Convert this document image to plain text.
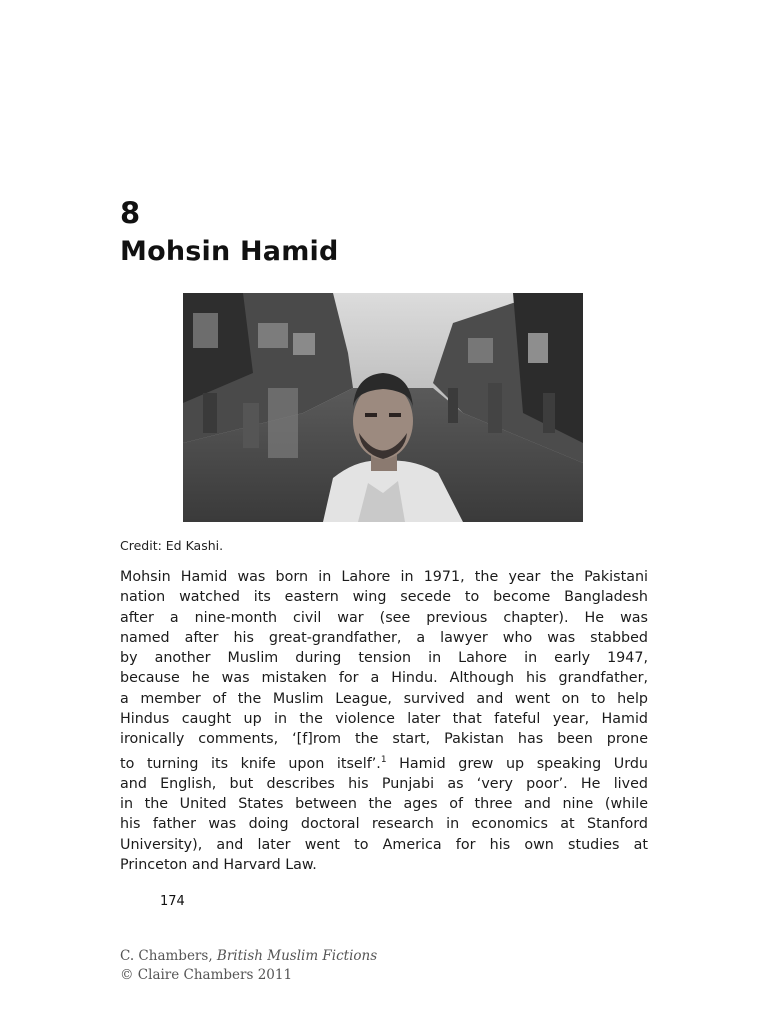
8
Mohsin Hamid
Credit: Ed Kashi.
Mohsin Hamid was born in Lahore in 1971, the year the Pakistani
nation watched its eastern wing secede to become Bangladesh
after a nine-month civil war (see previous chapter). He was
named after his great-grandfather, a lawyer who was stabbed
by another Muslim during tension in Lahore in early 1947,
because he was mistaken for a Hindu. Although his grandfather,
a member of the Muslim League, survived and went on to help
Hindus caught up in the violence later that fateful year, Hamid
ironically comments, ‘[f]rom the start, Pakistan has been prone
to turning its knife upon itself’.$^1$ Hamid grew up speaking Urdu
and English, but describes his Punjabi as ‘very poor’. He lived
in the United States between the ages of three and nine (while
his father was doing doctoral research in economics at Stanford
University), and later went to America for his own studies at
Princeton and Harvard Law.
174
C. Chambers, British Muslim Fictions
© Claire Chambers 2011
